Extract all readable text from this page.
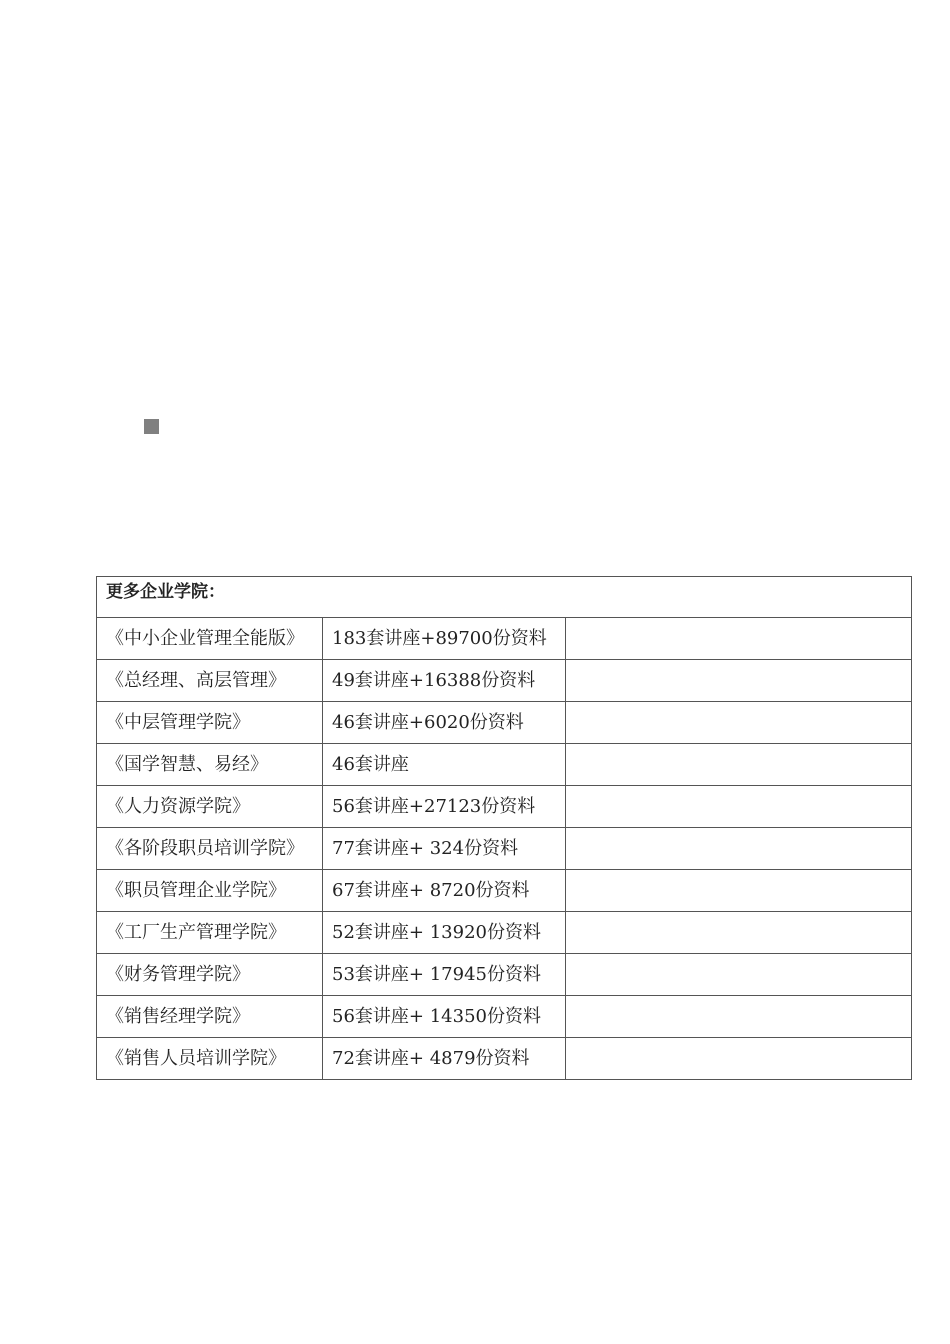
更多企业学院：		
《中小企业管理全能版》	183套讲座+89700份资料	
《总经理、高层管理》	49套讲座+16388份资料	
《中层管理学院》	46套讲座+6020份资料	
《国学智慧、易经》	46套讲座	
《人力资源学院》	56套讲座+27123份资料	
《各阶段职员培训学院》	77套讲座+ 324份资料	
《职员管理企业学院》	67套讲座+ 8720份资料	
《工厂生产管理学院》	52套讲座+ 13920份资料	
《财务管理学院》	53套讲座+ 17945份资料	
《销售经理学院》	56套讲座+ 14350份资料	
《销售人员培训学院》	72套讲座+ 4879份资料	
